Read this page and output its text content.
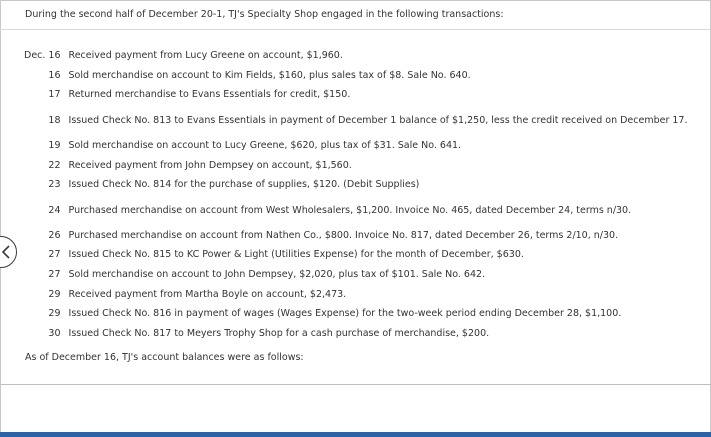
During the second half of December 20-1, TJ's Specialty Shop engaged in the following transactions:
Dec. 16	Received payment from Lucy Greene on account, $1,960.
16	Sold merchandise on account to Kim Fields, $160, plus sales tax of $8. Sale No. 640.
17	Returned merchandise to Evans Essentials for credit, $150.
18	Issued Check No. 813 to Evans Essentials in payment of December 1 balance of $1,250, less the credit received on December 17.
19	Sold merchandise on account to Lucy Greene, $620, plus tax of $31. Sale No. 641.
22	Received payment from John Dempsey on account, $1,560.
23	Issued Check No. 814 for the purchase of supplies, $120. (Debit Supplies)
24	Purchased merchandise on account from West Wholesalers, $1,200. Invoice No. 465, dated December 24, terms n/30.
26	Purchased merchandise on account from Nathen Co., $800. Invoice No. 817, dated December 26, terms 2/10, n/30.
27	Issued Check No. 815 to KC Power & Light (Utilities Expense) for the month of December, $630.
27	Sold merchandise on account to John Dempsey, $2,020, plus tax of $101. Sale No. 642.
29	Received payment from Martha Boyle on account, $2,473.
29	Issued Check No. 816 in payment of wages (Wages Expense) for the two-week period ending December 28, $1,100.
30	Issued Check No. 817 to Meyers Trophy Shop for a cash purchase of merchandise, $200.
As of December 16, TJ's account balances were as follows:
